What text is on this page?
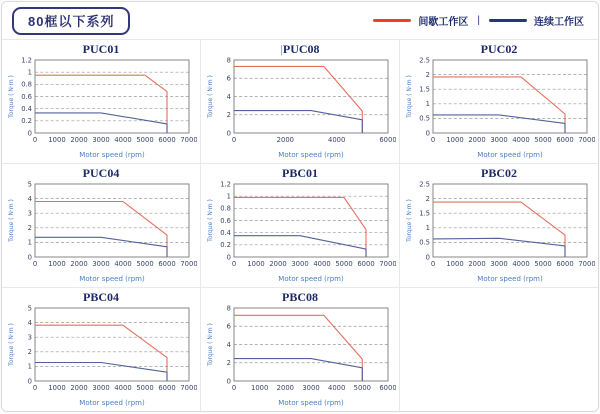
80框以下系列	间歇工作区 |	连续工作区
PUC01
0
0.2
0.4
0.6
0.8
1
1.2
0 1000 2000 3000 4000 5000 6000 7000
Torque ( N·m )
Motor speed (rpm)
| PUC08
0
2
4
6
8
0	2000	4000	6000
Torque ( N·m )
Motor speed (rpm)
PUC02
0
0.5
1
1.5
2
2.5
0 1000 2000 3000 4000 5000 6000 7000
Torque ( N·m )
Motor speed (rpm)
PUC04
0
1
2
3
4
5
0 1000 2000 3000 4000 5000 6000 7000
Torque ( N·m )
Motor speed (rpm)
PBC01
0
0.2
0.4
0.6
0.8
1
1.2
0 1000 2000 3000 4000 5000 6000 7000
Torque ( N·m )
Motor speed (rpm)
PBC02
0
0.5
1
1.5
2
2.5
0 1000 2000 3000 4000 5000 6000 7000
Torque ( N·m )
Motor speed (rpm)
PBC04
0
1
2
3
4
5
0 1000 2000 3000 4000 5000 6000 7000
Torque ( N·m )
Motor speed (rpm)
PBC08
0
2
4
6
8
0 1000 2000 3000 4000 5000 6000
Torque ( N·m )
Motor speed (rpm)
